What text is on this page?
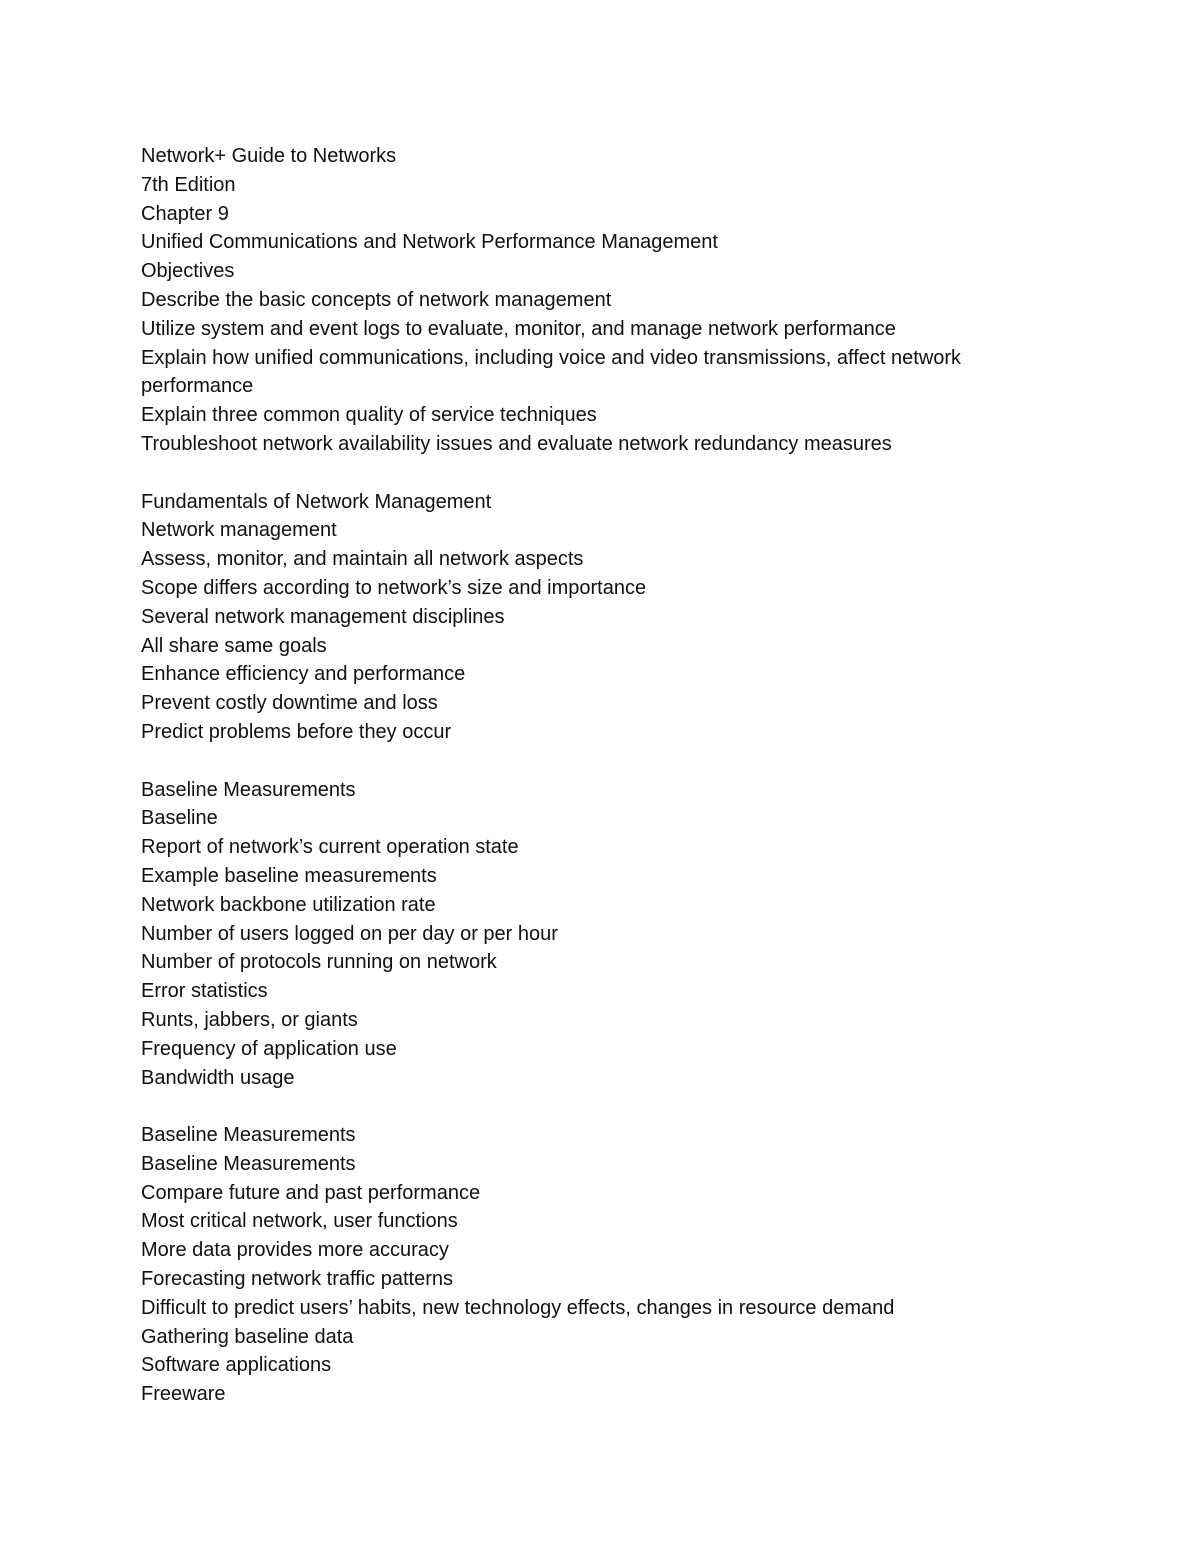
Network+ Guide to Networks
7th Edition
Chapter 9
Unified Communications and Network Performance Management
Objectives
Describe the basic concepts of network management
Utilize system and event logs to evaluate, monitor, and manage network performance
Explain how unified communications, including voice and video transmissions, affect network performance
Explain three common quality of service techniques
Troubleshoot network availability issues and evaluate network redundancy measures
Fundamentals of Network Management
Network management
Assess, monitor, and maintain all network aspects
Scope differs according to network’s size and importance
Several network management disciplines
All share same goals
Enhance efficiency and performance
Prevent costly downtime and loss
Predict problems before they occur
Baseline Measurements
Baseline
Report of network’s current operation state
Example baseline measurements
Network backbone utilization rate
Number of users logged on per day or per hour
Number of protocols running on network
Error statistics
Runts, jabbers, or giants
Frequency of application use
Bandwidth usage
Baseline Measurements
Baseline Measurements
Compare future and past performance
Most critical network, user functions
More data provides more accuracy
Forecasting network traffic patterns
Difficult to predict users’ habits, new technology effects, changes in resource demand
Gathering baseline data
Software applications
Freeware
